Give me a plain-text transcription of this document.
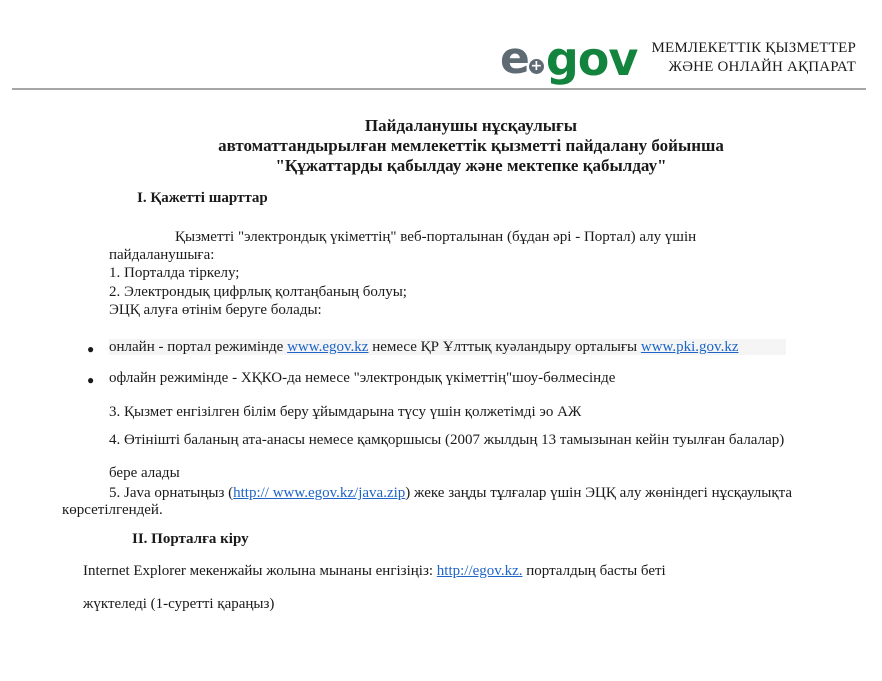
e
+ gov МЕМЛЕКЕТТІК ҚЫЗМЕТТЕР
ЖӘНЕ ОНЛАЙН АҚПАРАТ
Пайдаланушы нұсқаулығы
автоматтандырылған мемлекеттік қызметті пайдалану бойынша
"Құжаттарды қабылдау және мектепке қабылдау"
І. Қажетті шарттар
Қызметті "электрондық үкіметтің" веб-порталынан (бұдан әрі - Портал) алу үшін
пайдаланушыға:
1. Порталда тіркелу;
2. Электрондық цифрлық қолтаңбаның болуы;
ЭЦҚ алуға өтінім беруге болады:
● онлайн - портал режимінде www.egov.kz немесе ҚР Ұлттық куәландыру орталығы www.pki.gov.kz
● офлайн режимінде - ХҚКО-да немесе "электрондық үкіметтің"шоу-бөлмесінде
3. Қызмет енгізілген білім беру ұйымдарына түсу үшін қолжетімді эо АЖ
4. Өтінішті баланың ата-анасы немесе қамқоршысы (2007 жылдың 13 тамызынан кейін туылған балалар)
бере алады
5. Java орнатыңыз (http:// www.egov.kz/java.zip) жеке заңды тұлғалар үшін ЭЦҚ алу жөніндегі нұсқаулықта
көрсетілгендей.
ІІ. Порталға кіру
Internet Explorer мекенжайы жолына мынаны енгізіңіз: http://egov.kz. порталдың басты беті
жүктеледі (1-суретті қараңыз)
